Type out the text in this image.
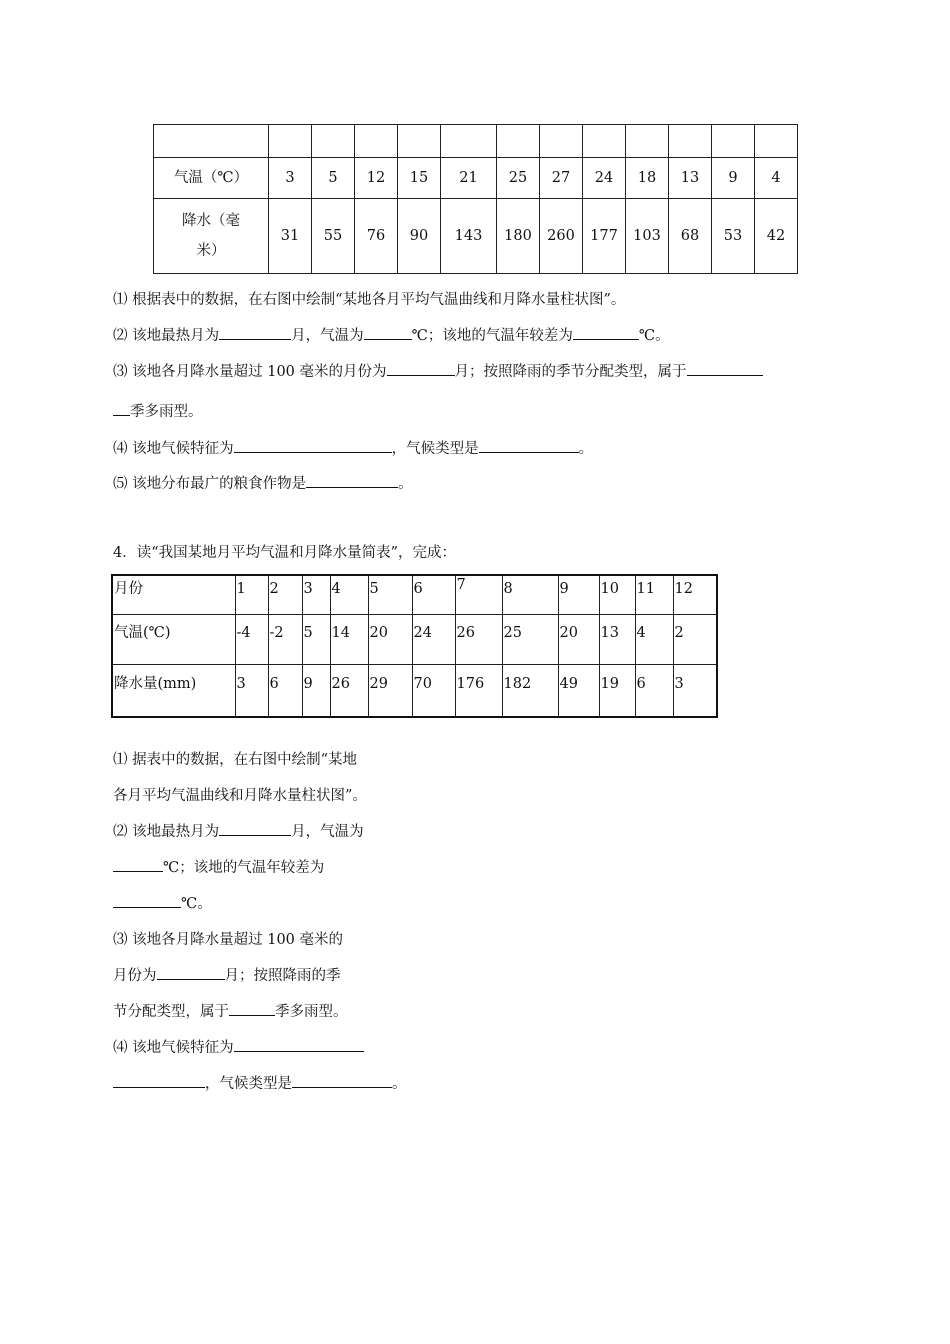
气温（℃）	3	5	12	15	21	25	27	24	18	13	9	4

降水（毫
米）	31	55	76	90	143	180	260	177	103	68	53	42
⑴ 根据表中的数据，在右图中绘制“某地各月平均气温曲线和月降水量柱状图”。
⑵ 该地最热月为	月，气温为	℃；该地的气温年较差为	℃。
⑶ 该地各月降水量超过 100 毫米的月份为	月；按照降雨的季节分配类型，属于
季多雨型。
⑷ 该地气候特征为	，气候类型是	。
⑸ 该地分布最广的粮食作物是	。
4．读“我国某地月平均气温和月降水量简表”，完成：
月份	1	2	3	4	5	6	7	8	9	10	11	12
气温(℃)	-4	-2	5	14	20	24	26	25	20	13	4	2
降水量(mm)	3	6	9	26	29	70	176	182	49	19	6	3
⑴ 据表中的数据，在右图中绘制“某地
各月平均气温曲线和月降水量柱状图”。
⑵ 该地最热月为	月，气温为
℃；该地的气温年较差为
℃。
⑶ 该地各月降水量超过 100 毫米的
月份为	月；按照降雨的季
节分配类型，属于	季多雨型。
⑷ 该地气候特征为
，气候类型是	。
